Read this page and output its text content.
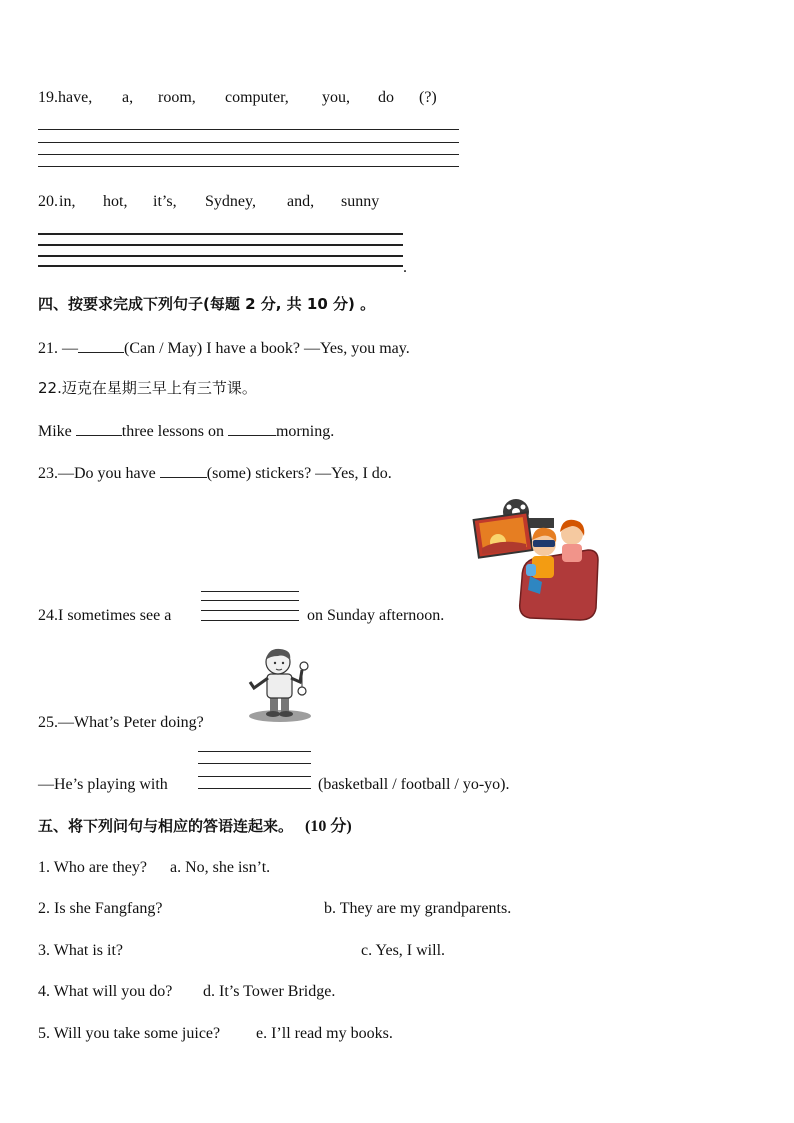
19. have,	a,	room,	computer,	you,	do	(?)
20. in,	hot,	it’s,	Sydney,	and,	sunny
.
四、按要求完成下列句子(每题 2 分, 共 10 分) 。
21. —	(Can / May) I have a book? —Yes, you may.
22.迈克在星期三早上有三节课。
Mike	three lessons on	morning.
23.—Do you have	(some) stickers? —Yes, I do.
24.I sometimes see a	on Sunday afternoon.
25.—What’s Peter doing?
—He’s playing with	(basketball / football / yo-yo).
五、将下列问句与相应的答语连起来。 (10 分)
1. Who are they? a. No, she isn’t.
2. Is she Fangfang?	b. They are my grandparents.
3. What is it?	c. Yes, I will.
4. What will you do? d. It’s Tower Bridge.
5. Will you take some juice? e. I’ll read my books.
